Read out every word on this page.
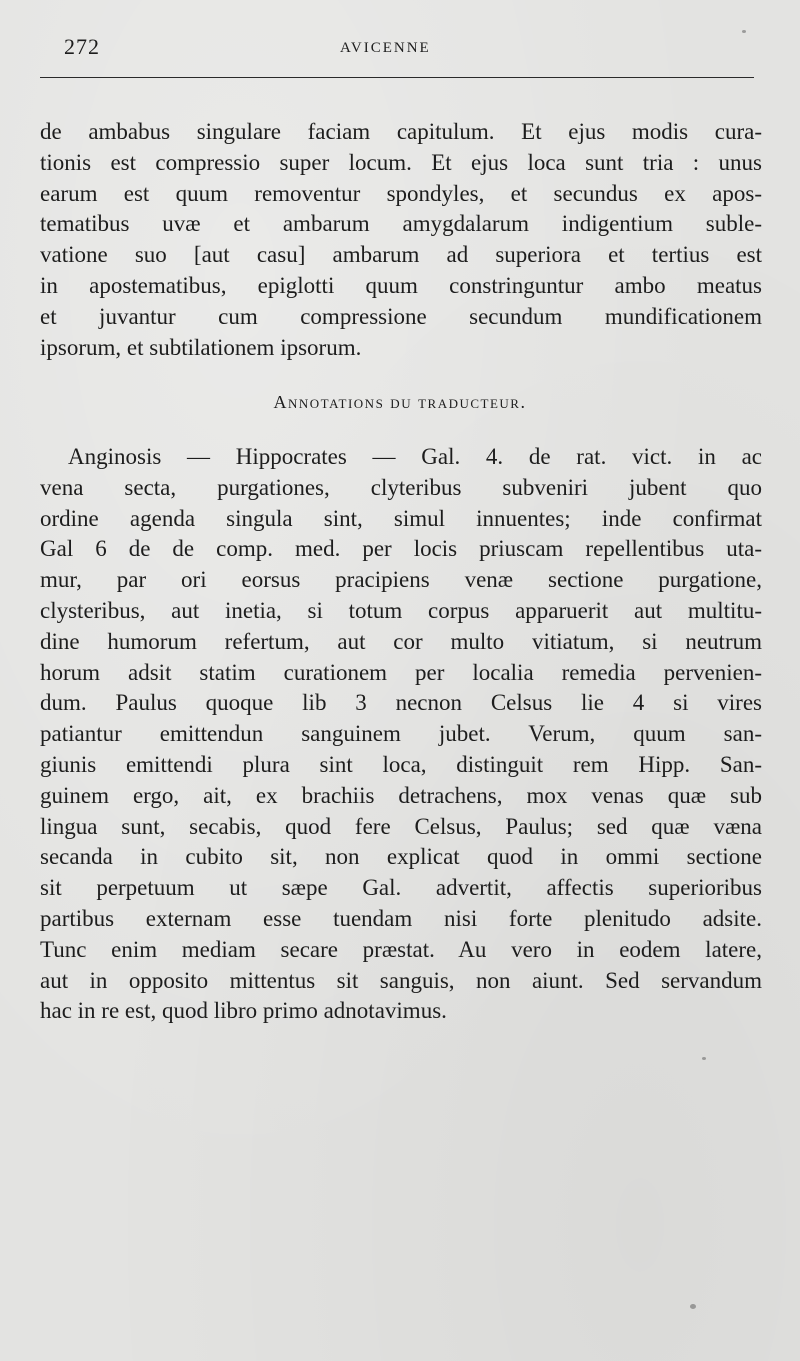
272	AVICENNE
de ambabus singulare faciam capitulum. Et ejus modis cura-
tionis est compressio super locum. Et ejus loca sunt tria : unus
earum est quum removentur spondyles, et secundus ex apos-
tematibus uvæ et ambarum amygdalarum indigentium suble-
vatione suo [aut casu] ambarum ad superiora et tertius est
in apostematibus, epiglotti quum constringuntur ambo meatus
et juvantur cum compressione secundum mundificationem
ipsorum, et subtilationem ipsorum.
Annotations du traducteur.
Anginosis — Hippocrates — Gal. 4. de rat. vict. in ac
vena secta, purgationes, clyteribus subveniri jubent quo
ordine agenda singula sint, simul innuentes; inde confirmat
Gal 6 de de comp. med. per locis priuscam repellentibus uta-
mur, par ori eorsus pracipiens venæ sectione purgatione,
clysteribus, aut inetia, si totum corpus apparuerit aut multitu-
dine humorum refertum, aut cor multo vitiatum, si neutrum
horum adsit statim curationem per localia remedia pervenien-
dum. Paulus quoque lib 3 necnon Celsus lie 4 si vires
patiantur emittendun sanguinem jubet. Verum, quum san-
giunis emittendi plura sint loca, distinguit rem Hipp. San-
guinem ergo, ait, ex brachiis detrachens, mox venas quæ sub
lingua sunt, secabis, quod fere Celsus, Paulus; sed quæ væna
secanda in cubito sit, non explicat quod in ommi sectione
sit perpetuum ut sæpe Gal. advertit, affectis superioribus
partibus externam esse tuendam nisi forte plenitudo adsite.
Tunc enim mediam secare præstat. Au vero in eodem latere,
aut in opposito mittentus sit sanguis, non aiunt. Sed servandum
hac in re est, quod libro primo adnotavimus.
